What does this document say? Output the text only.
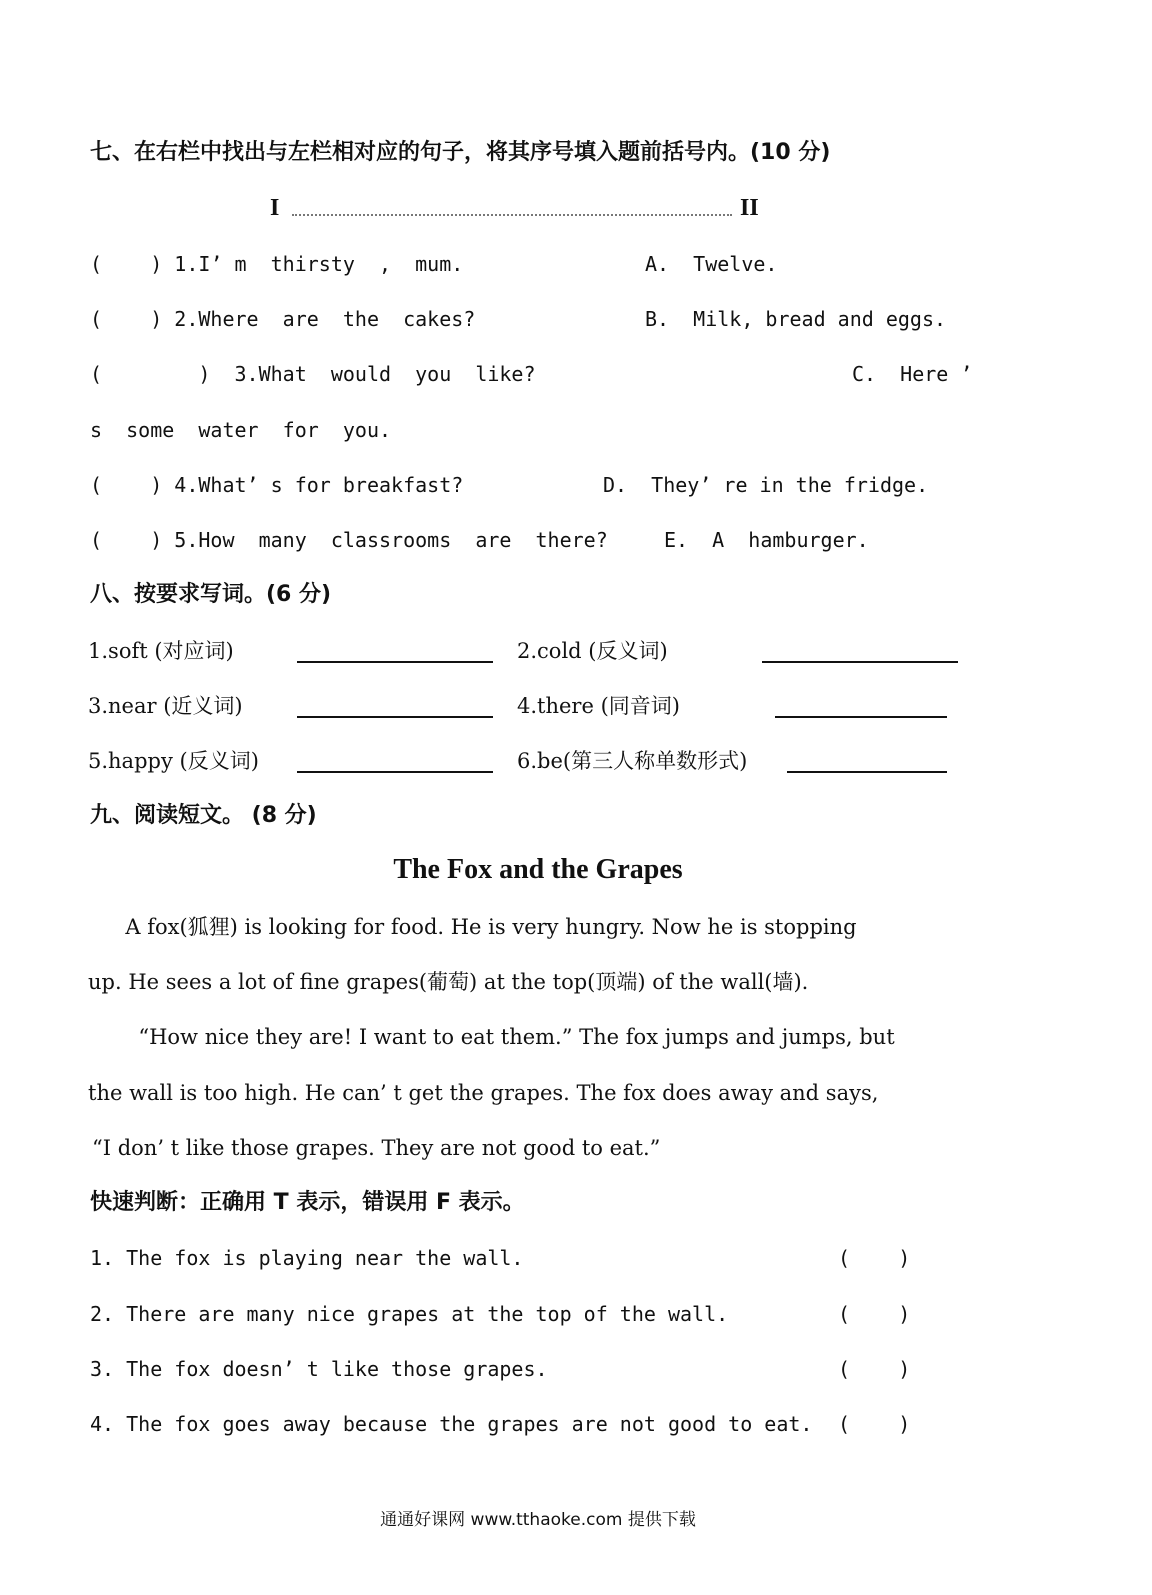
七、在右栏中找出与左栏相对应的句子，将其序号填入题前括号内。(10 分)
I	II
(    ) 1.I’ m  thirsty  ,  mum.	A.  Twelve.
(    ) 2.Where  are  the  cakes?	B.  Milk, bread and eggs.
(        )  3.What  would  you  like?	C.  Here ’
s  some  water  for  you.
(    ) 4.What’ s for breakfast?	D.  They’ re in the fridge.
(    ) 5.How  many  classrooms  are  there?	E.  A  hamburger.
八、按要求写词。(6 分)
1.soft (对应词)	2.cold (反义词)
3.near (近义词)	4.there (同音词)
5.happy (反义词)	6.be(第三人称单数形式)
九、阅读短文。 (8 分)
The Fox and the Grapes
A fox(狐狸) is looking for food. He is very hungry. Now he is stopping
up. He sees a lot of fine grapes(葡萄) at the top(顶端) of the wall(墙).
“How nice they are! I want to eat them.” The fox jumps and jumps, but
the wall is too high. He can’ t get the grapes. The fox does away and says,
“I don’ t like those grapes. They are not good to eat.”
快速判断：正确用 T 表示，错误用 F 表示。
1. The fox is playing near the wall.	(    )
2. There are many nice grapes at the top of the wall.	(    )
3. The fox doesn’ t like those grapes.	(    )
4. The fox goes away because the grapes are not good to eat. (    )
通通好课网 www.tthaoke.com 提供下载
